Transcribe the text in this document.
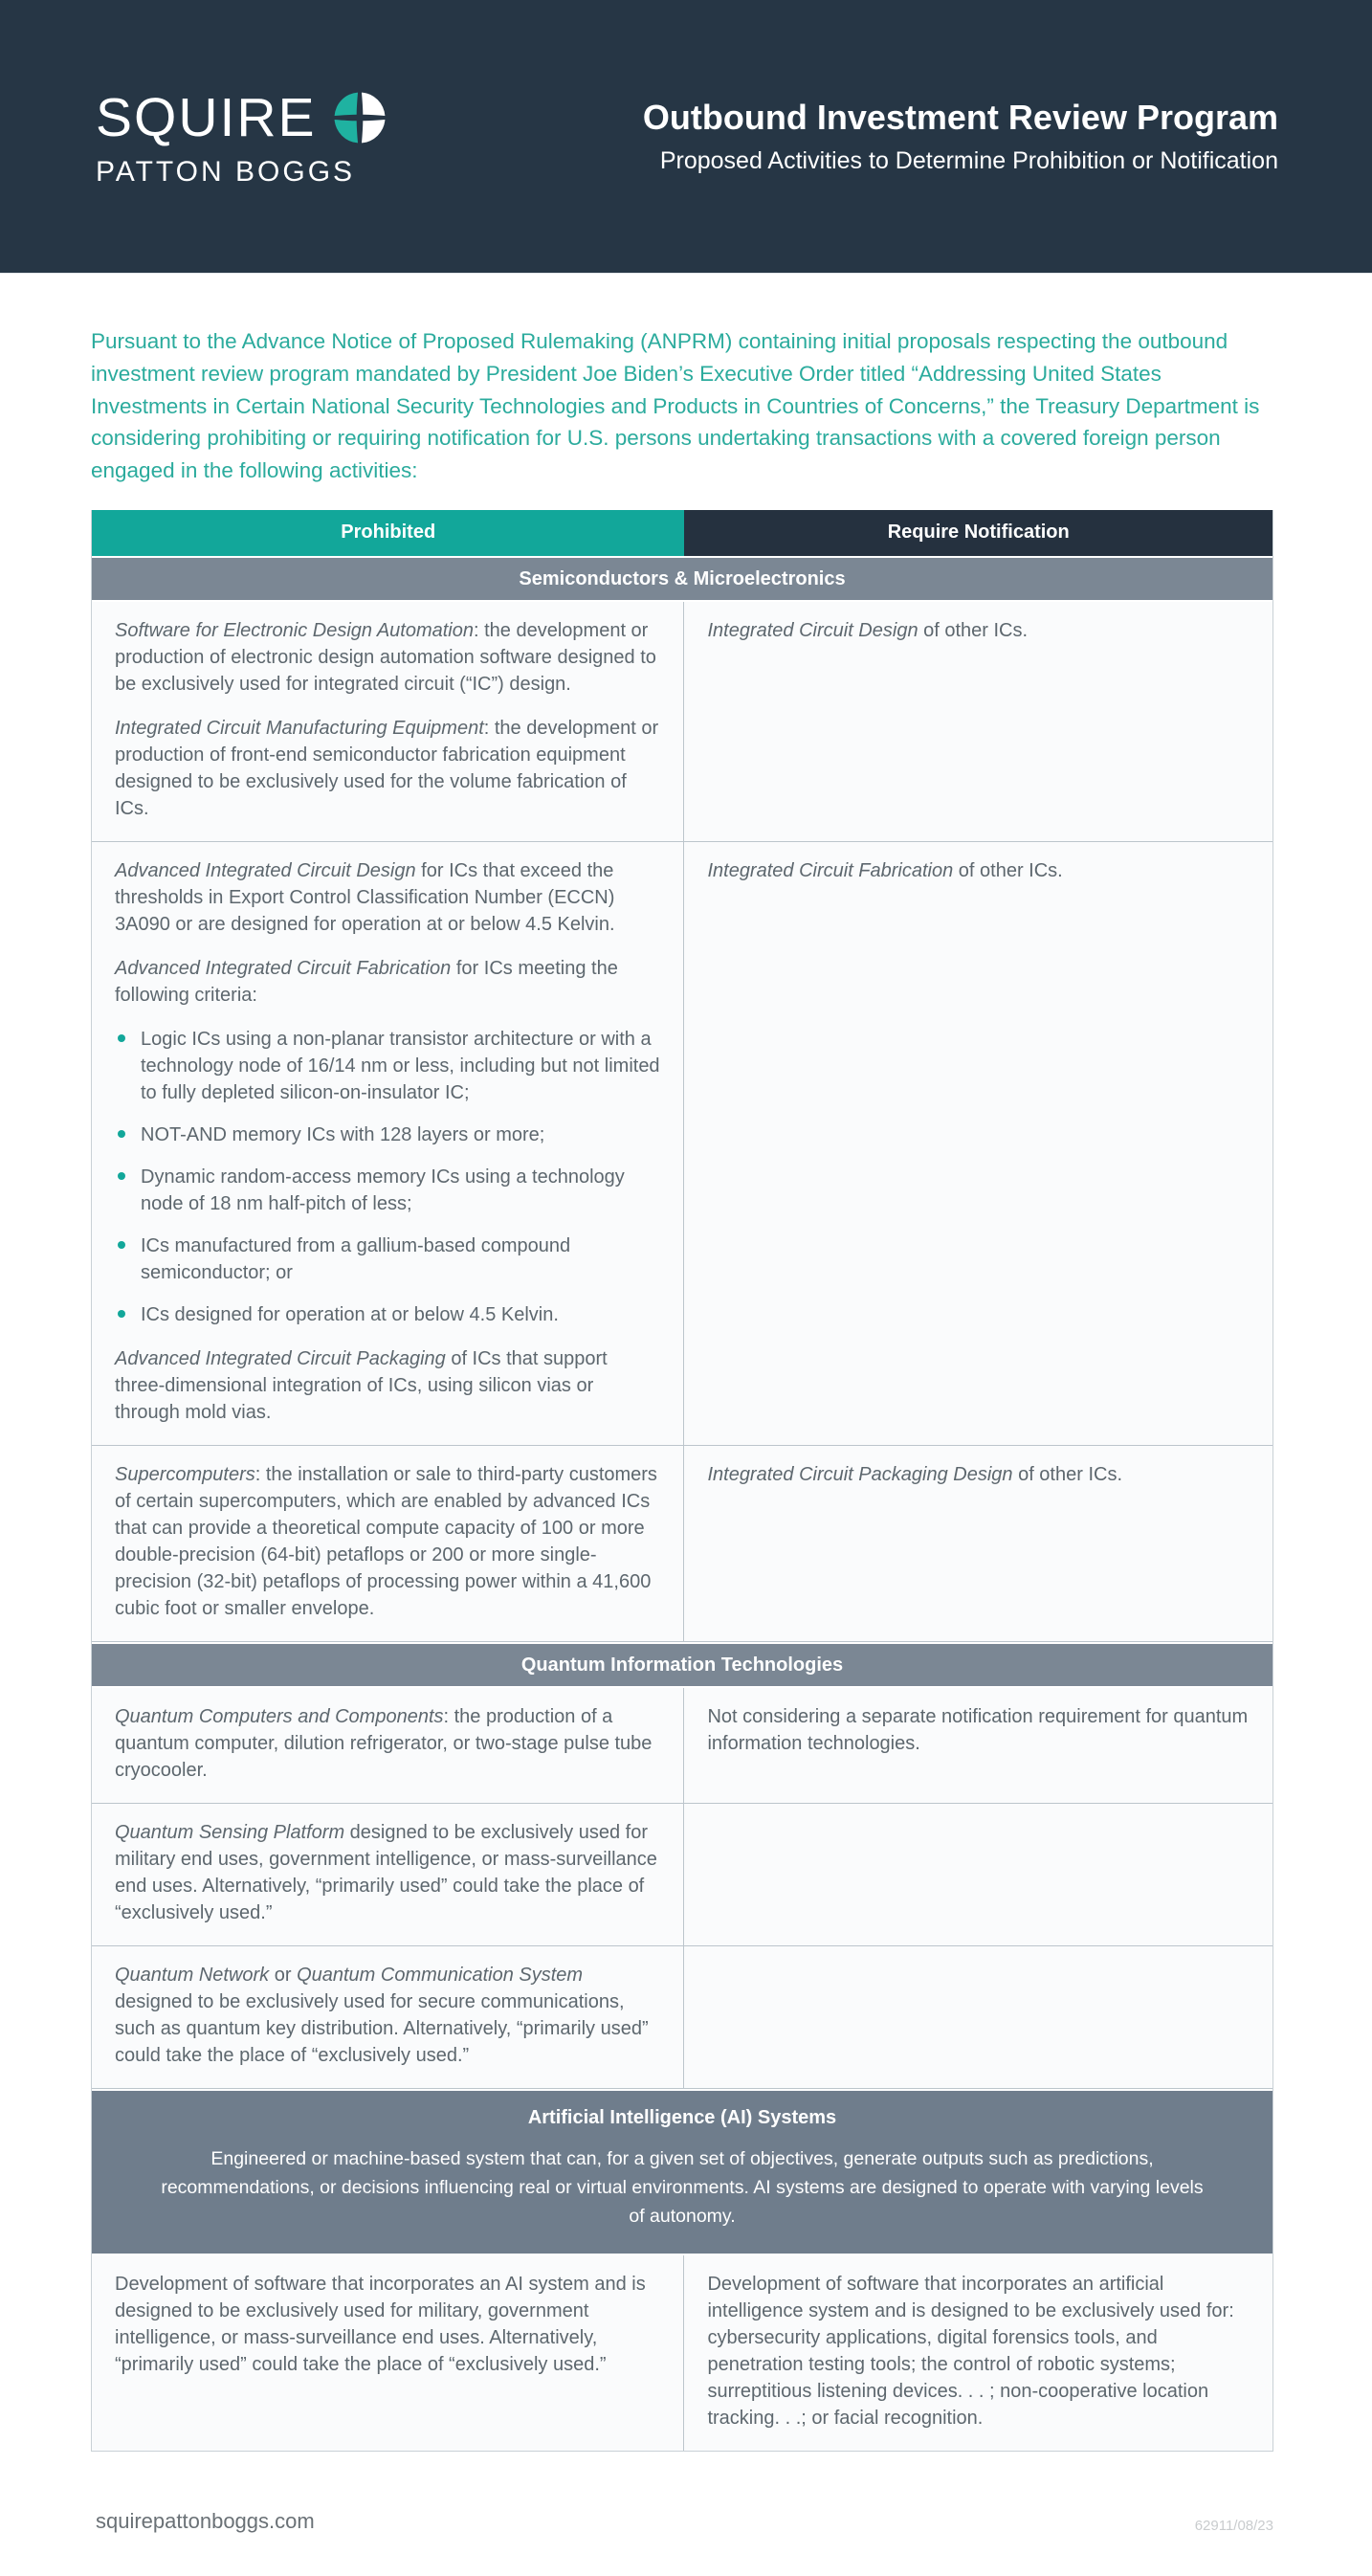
SQUIRE
PATTON BOGGS
Outbound Investment Review Program
Proposed Activities to Determine Prohibition or Notification

Pursuant to the Advance Notice of Proposed Rulemaking (ANPRM) containing initial proposals respecting the outbound investment review program mandated by President Joe Biden’s Executive Order titled “Addressing United States Investments in Certain National Security Technologies and Products in Countries of Concerns,” the Treasury Department is considering prohibiting or requiring notification for U.S. persons undertaking transactions with a covered foreign person engaged in the following activities:

Prohibited	Require Notification
Semiconductors & Microelectronics

Software for Electronic Design Automation: the development or production of electronic design automation software designed to be exclusively used for integrated circuit (“IC”) design.

Integrated Circuit Manufacturing Equipment: the development or production of front-end semiconductor fabrication equipment designed to be exclusively used for the volume fabrication of ICs.

Integrated Circuit Design of other ICs.

Advanced Integrated Circuit Design for ICs that exceed the thresholds in Export Control Classification Number (ECCN) 3A090 or are designed for operation at or below 4.5 Kelvin.

Advanced Integrated Circuit Fabrication for ICs meeting the following criteria:

Logic ICs using a non-planar transistor architecture or with a technology node of 16/14 nm or less, including but not limited to fully depleted silicon-on-insulator IC;
NOT-AND memory ICs with 128 layers or more;
Dynamic random-access memory ICs using a technology node of 18 nm half-pitch of less;
ICs manufactured from a gallium-based compound semiconductor; or
ICs designed for operation at or below 4.5 Kelvin.

Advanced Integrated Circuit Packaging of ICs that support three-dimensional integration of ICs, using silicon vias or through mold vias.

Integrated Circuit Fabrication of other ICs.

Supercomputers: the installation or sale to third-party customers of certain supercomputers, which are enabled by advanced ICs that can provide a theoretical compute capacity of 100 or more double-precision (64-bit) petaflops or 200 or more single-precision (32-bit) petaflops of processing power within a 41,600 cubic foot or smaller envelope.

Integrated Circuit Packaging Design of other ICs.

Quantum Information Technologies

Quantum Computers and Components: the production of a quantum computer, dilution refrigerator, or two-stage pulse tube cryocooler.

Not considering a separate notification requirement for quantum information technologies.

Quantum Sensing Platform designed to be exclusively used for military end uses, government intelligence, or mass-surveillance end uses. Alternatively, “primarily used” could take the place of “exclusively used.”

Quantum Network or Quantum Communication System designed to be exclusively used for secure communications, such as quantum key distribution. Alternatively, “primarily used” could take the place of “exclusively used.”

Artificial Intelligence (AI) Systems
Engineered or machine-based system that can, for a given set of objectives, generate outputs such as predictions, recommendations, or decisions influencing real or virtual environments. AI systems are designed to operate with varying levels of autonomy.

Development of software that incorporates an AI system and is designed to be exclusively used for military, government intelligence, or mass-surveillance end uses. Alternatively, “primarily used” could take the place of “exclusively used.”

Development of software that incorporates an artificial intelligence system and is designed to be exclusively used for: cybersecurity applications, digital forensics tools, and penetration testing tools; the control of robotic systems; surreptitious listening devices. . . ; non-cooperative location tracking. . .; or facial recognition.

squirepattonboggs.com	62911/08/23
